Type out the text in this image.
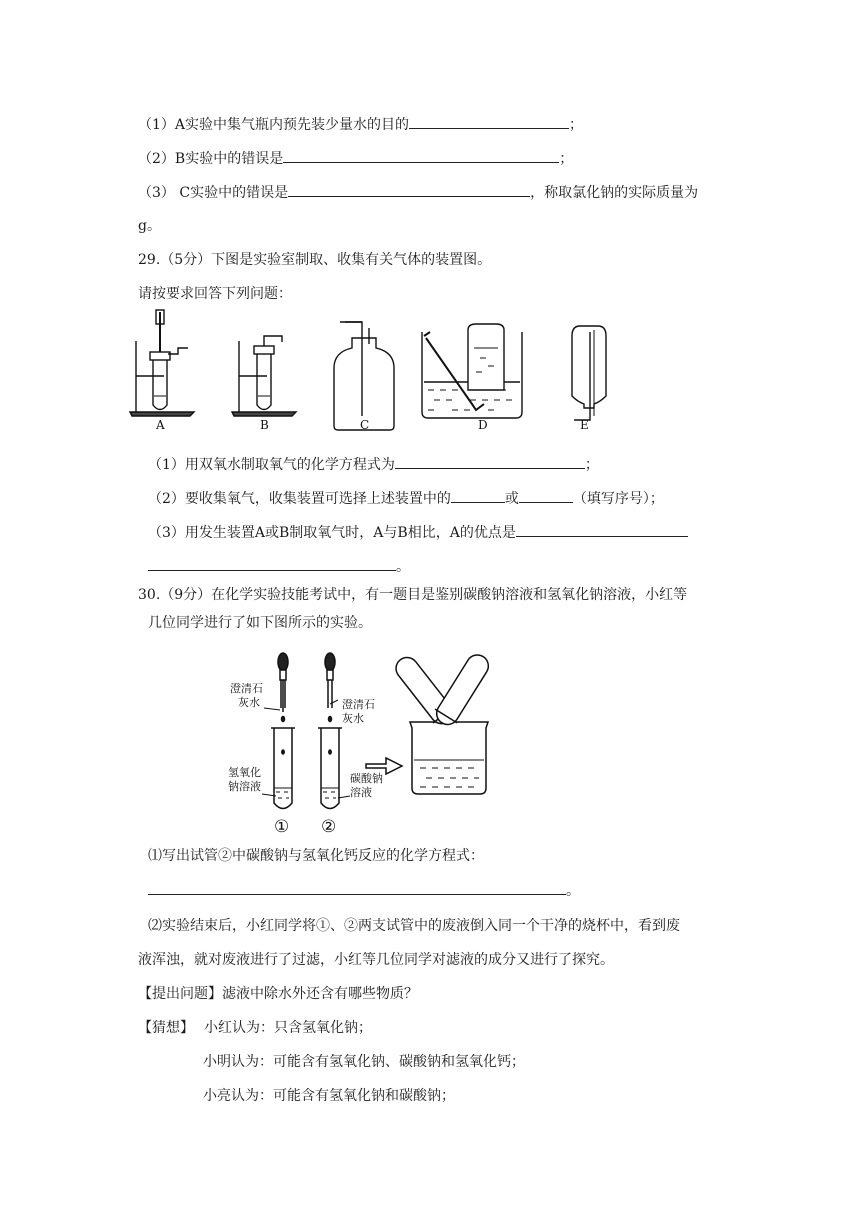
（1）A实验中集气瓶内预先装少量水的目的	；
（2）B实验中的错误是	；
（3） C实验中的错误是	，称取氯化钠的实际质量为
g。
29.（5分）下图是实验室制取、收集有关气体的装置图。
请按要求回答下列问题：
A	B	C	D	E
（1）用双氧水制取氧气的化学方程式为	；
（2）要收集氧气，收集装置可选择上述装置中的	或	（填写序号）；
（3）用发生装置A或B制取氧气时，A与B相比，A的优点是
。
30.（9分）在化学实验技能考试中，有一题目是鉴别碳酸钠溶液和氢氧化钠溶液，小红等
几位同学进行了如下图所示的实验。
澄清石
灰水	澄清石
灰水
氢氧化
钠溶液
碳酸钠
溶液
① ②
⑴写出试管②中碳酸钠与氢氧化钙反应的化学方程式：
。
⑵实验结束后，小红同学将①、②两支试管中的废液倒入同一个干净的烧杯中，看到废
液浑浊，就对废液进行了过滤，小红等几位同学对滤液的成分又进行了探究。
【提出问题】滤液中除水外还含有哪些物质？
【猜想】 小红认为：只含氢氧化钠；
小明认为：可能含有氢氧化钠、碳酸钠和氢氧化钙；
小亮认为：可能含有氢氧化钠和碳酸钠；
